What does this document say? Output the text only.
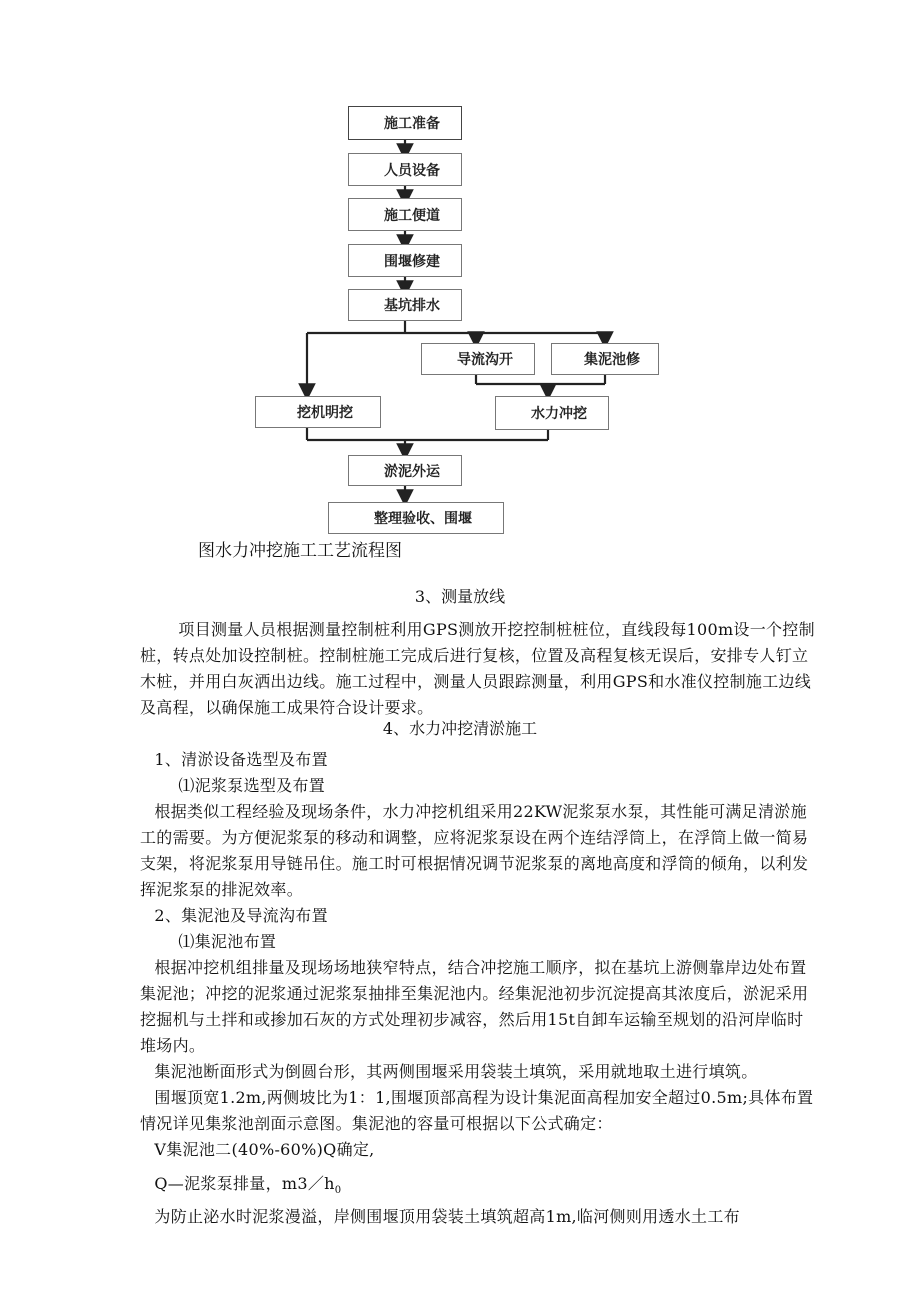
施工准备
人员设备
施工便道
围堰修建
基坑排水
导流沟开	集泥池修
挖机明挖	水力冲挖
淤泥外运
整理验收、围堰
图水力冲挖施工工艺流程图
3、测量放线

项目测量人员根据测量控制桩利用GPS测放开挖控制桩桩位，直线段每100m设一个控制桩，转点处加设控制桩。控制桩施工完成后进行复核，位置及高程复核无误后，安排专人钉立木桩，并用白灰洒出边线。施工过程中，测量人员跟踪测量，利用GPS和水准仪控制施工边线及高程，以确保施工成果符合设计要求。

4、水力冲挖清淤施工

1、清淤设备选型及布置

⑴泥浆泵选型及布置

根据类似工程经验及现场条件，水力冲挖机组采用22KW泥浆泵水泵，其性能可满足清淤施工的需要。为方便泥浆泵的移动和调整，应将泥浆泵设在两个连结浮筒上，在浮筒上做一简易支架，将泥浆泵用导链吊住。施工时可根据情况调节泥浆泵的离地高度和浮筒的倾角，以利发挥泥浆泵的排泥效率。

2、集泥池及导流沟布置

⑴集泥池布置

根据冲挖机组排量及现场场地狭窄特点，结合冲挖施工顺序，拟在基坑上游侧靠岸边处布置集泥池；冲挖的泥浆通过泥浆泵抽排至集泥池内。经集泥池初步沉淀提高其浓度后，淤泥采用挖掘机与土拌和或掺加石灰的方式处理初步减容，然后用15t自卸车运输至规划的沿河岸临时堆场内。

集泥池断面形式为倒圆台形，其两侧围堰采用袋装土填筑，采用就地取土进行填筑。

围堰顶宽1.2m,两侧坡比为1：1,围堰顶部高程为设计集泥面高程加安全超过0.5m;具体布置情况详见集浆池剖面示意图。集泥池的容量可根据以下公式确定：

V集泥池二(40%-60%)Q确定,

Q—泥浆泵排量，$m3/h_0$

为防止泌水时泥浆漫溢，岸侧围堰顶用袋装土填筑超高1m,临河侧则用透水土工布
